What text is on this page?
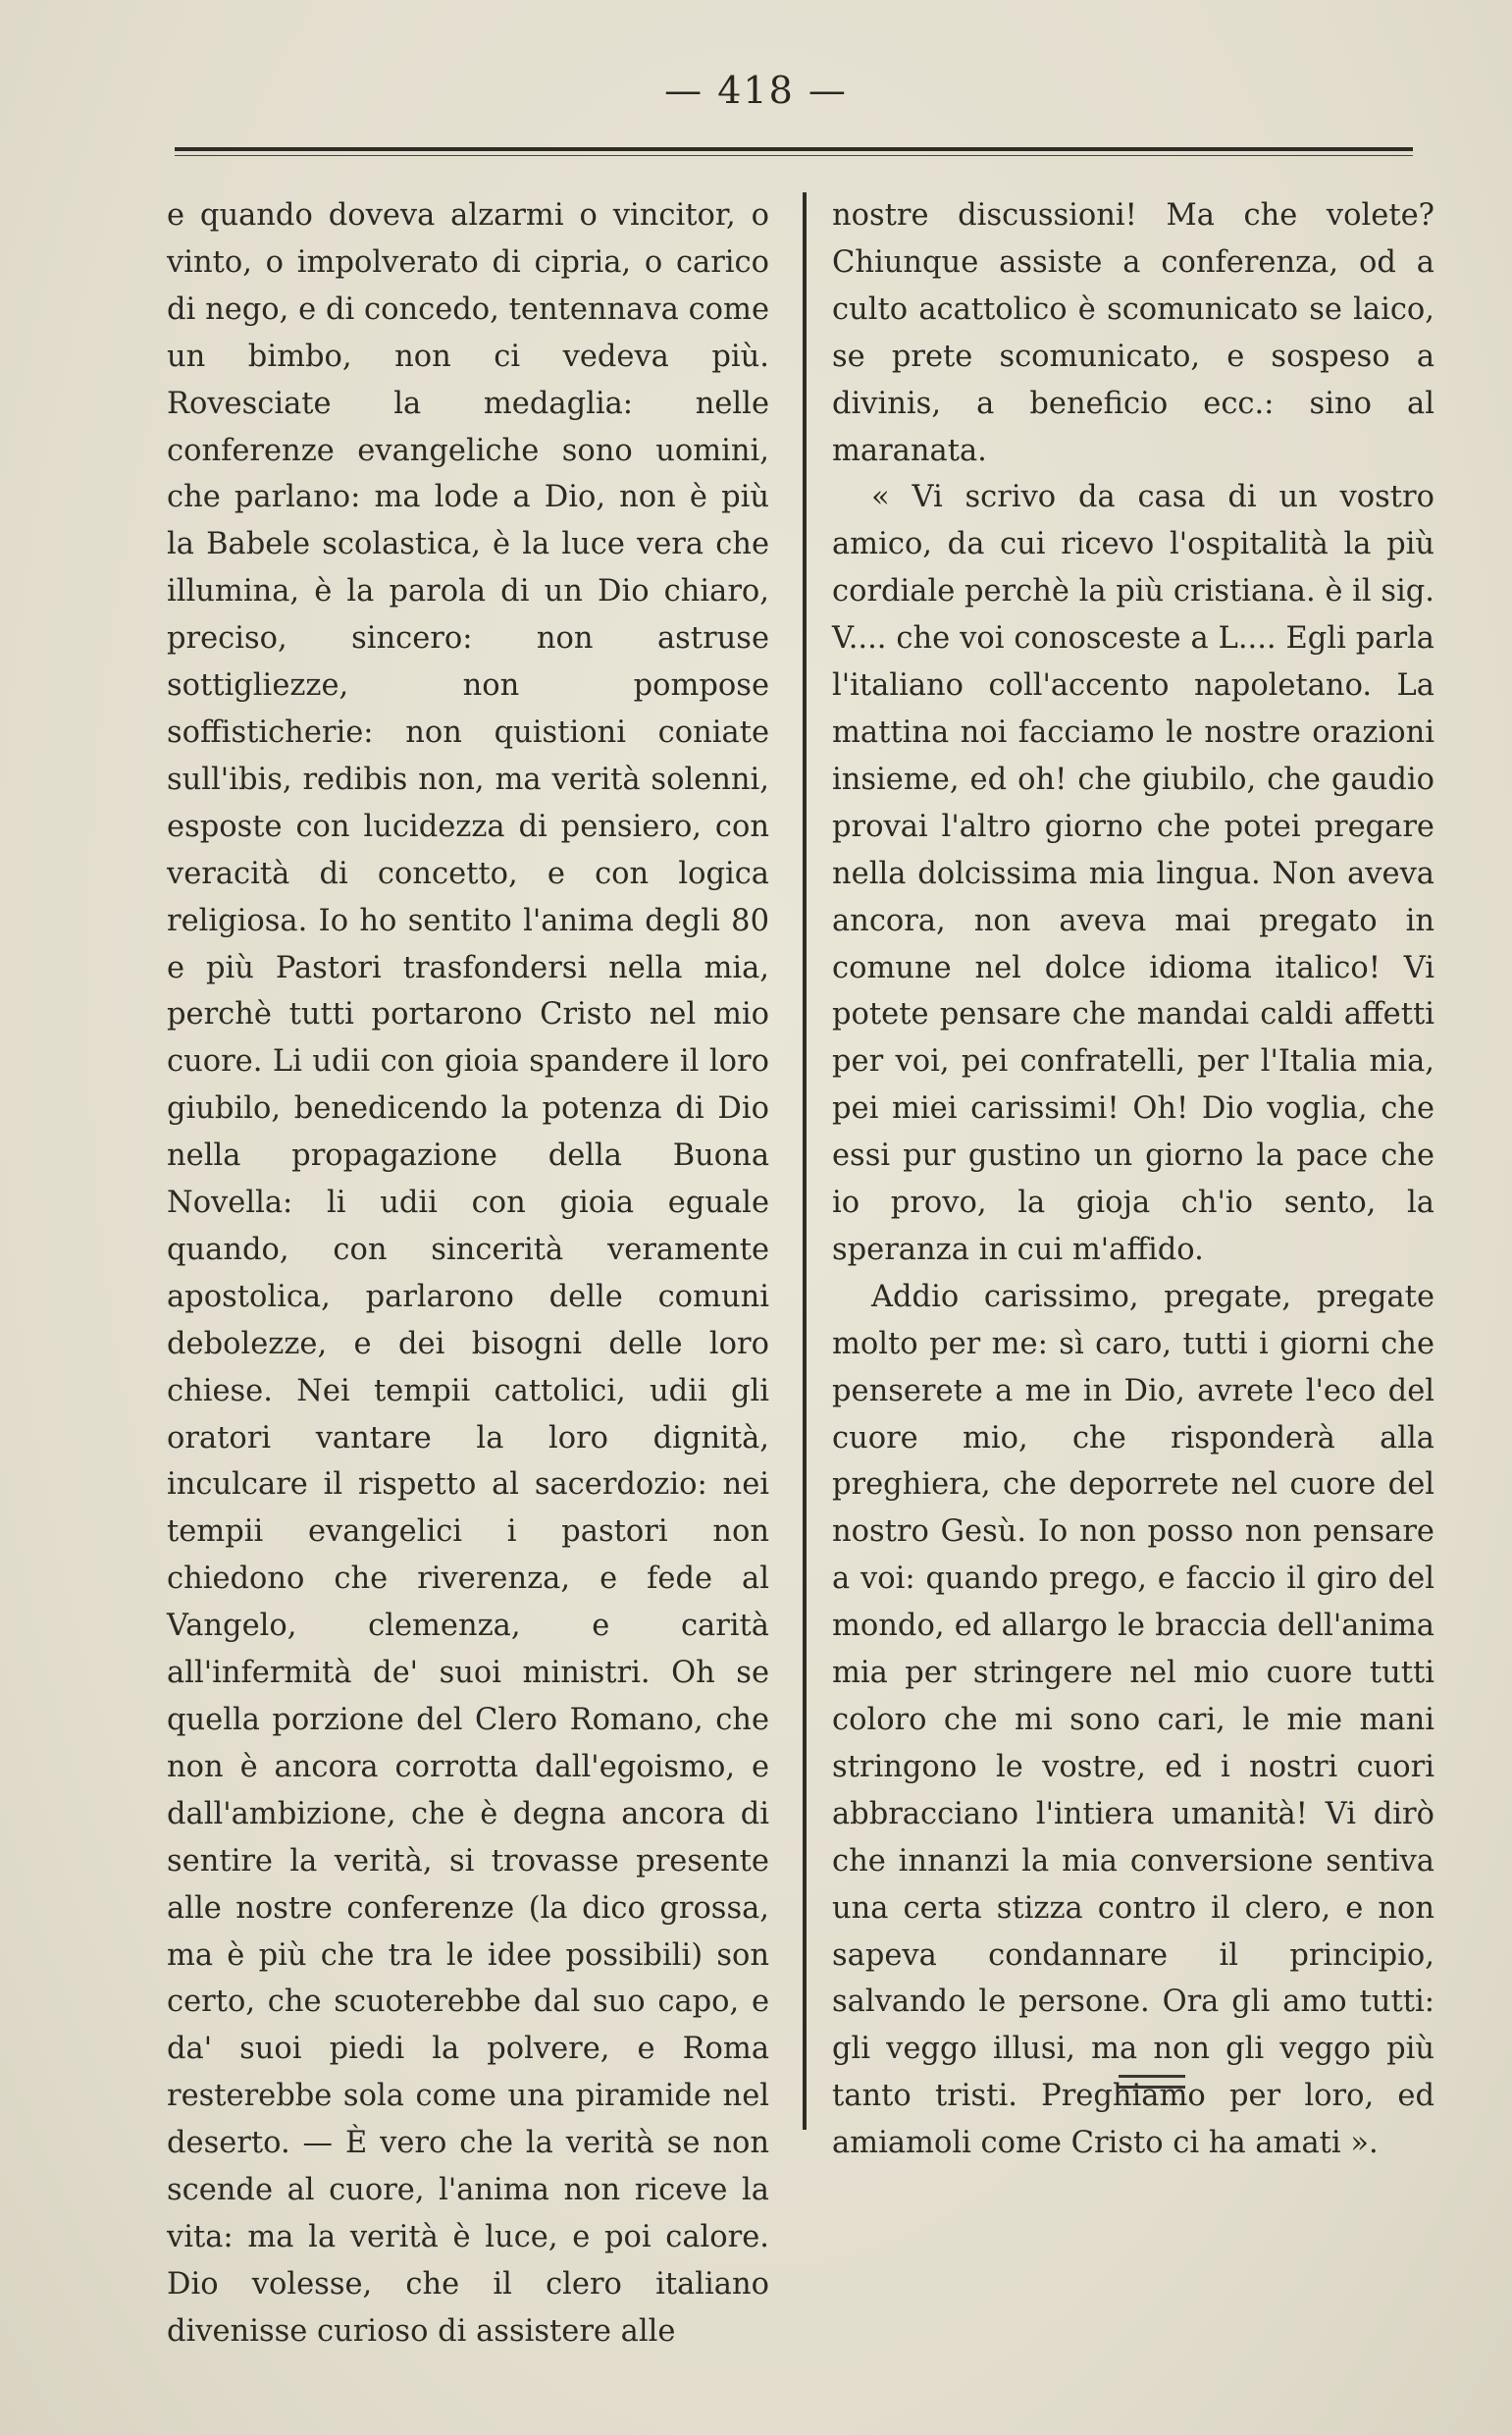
— 418 —

e quando doveva alzarmi o vincitor, o vinto, o impolverato di cipria, o carico di nego, e di concedo, tentennava come un bimbo, non ci vedeva più. Rovesciate la medaglia: nelle conferenze evangeliche sono uomini, che parlano: ma lode a Dio, non è più la Babele scolastica, è la luce vera che illumina, è la parola di un Dio chiaro, preciso, sincero: non astruse sottigliezze, non pompose soffisticherie: non quistioni coniate sull'ibis, redibis non, ma verità solenni, esposte con lucidezza di pensiero, con veracità di concetto, e con logica religiosa. Io ho sentito l'anima degli 80 e più Pastori trasfondersi nella mia, perchè tutti portarono Cristo nel mio cuore. Li udii con gioia spandere il loro giubilo, benedicendo la potenza di Dio nella propagazione della Buona Novella: li udii con gioia eguale quando, con sincerità veramente apostolica, parlarono delle comuni debolezze, e dei bisogni delle loro chiese. Nei tempii cattolici, udii gli oratori vantare la loro dignità, inculcare il rispetto al sacerdozio: nei tempii evangelici i pastori non chiedono che riverenza, e fede al Vangelo, clemenza, e carità all'infermità de' suoi ministri. Oh se quella porzione del Clero Romano, che non è ancora corrotta dall'egoismo, e dall'ambizione, che è degna ancora di sentire la verità, si trovasse presente alle nostre conferenze (la dico grossa, ma è più che tra le idee possibili) son certo, che scuoterebbe dal suo capo, e da' suoi piedi la polvere, e Roma resterebbe sola come una piramide nel deserto. — È vero che la verità se non scende al cuore, l'anima non riceve la vita: ma la verità è luce, e poi calore. Dio volesse, che il clero italiano divenisse curioso di assistere alle

nostre discussioni! Ma che volete? Chiunque assiste a conferenza, od a culto acattolico è scomunicato se laico, se prete scomunicato, e sospeso a divinis, a beneficio ecc.: sino al maranata.

« Vi scrivo da casa di un vostro amico, da cui ricevo l'ospitalità la più cordiale perchè la più cristiana. è il sig. V.... che voi conosceste a L.... Egli parla l'italiano coll'accento napoletano. La mattina noi facciamo le nostre orazioni insieme, ed oh! che giubilo, che gaudio provai l'altro giorno che potei pregare nella dolcissima mia lingua. Non aveva ancora, non aveva mai pregato in comune nel dolce idioma italico! Vi potete pensare che mandai caldi affetti per voi, pei confratelli, per l'Italia mia, pei miei carissimi! Oh! Dio voglia, che essi pur gustino un giorno la pace che io provo, la gioja ch'io sento, la speranza in cui m'affido.

Addio carissimo, pregate, pregate molto per me: sì caro, tutti i giorni che penserete a me in Dio, avrete l'eco del cuore mio, che risponderà alla preghiera, che deporrete nel cuore del nostro Gesù. Io non posso non pensare a voi: quando prego, e faccio il giro del mondo, ed allargo le braccia dell'anima mia per stringere nel mio cuore tutti coloro che mi sono cari, le mie mani stringono le vostre, ed i nostri cuori abbracciano l'intiera umanità! Vi dirò che innanzi la mia conversione sentiva una certa stizza contro il clero, e non sapeva condannare il principio, salvando le persone. Ora gli amo tutti: gli veggo illusi, ma non gli veggo più tanto tristi. Preghiamo per loro, ed amiamoli come Cristo ci ha amati ».
